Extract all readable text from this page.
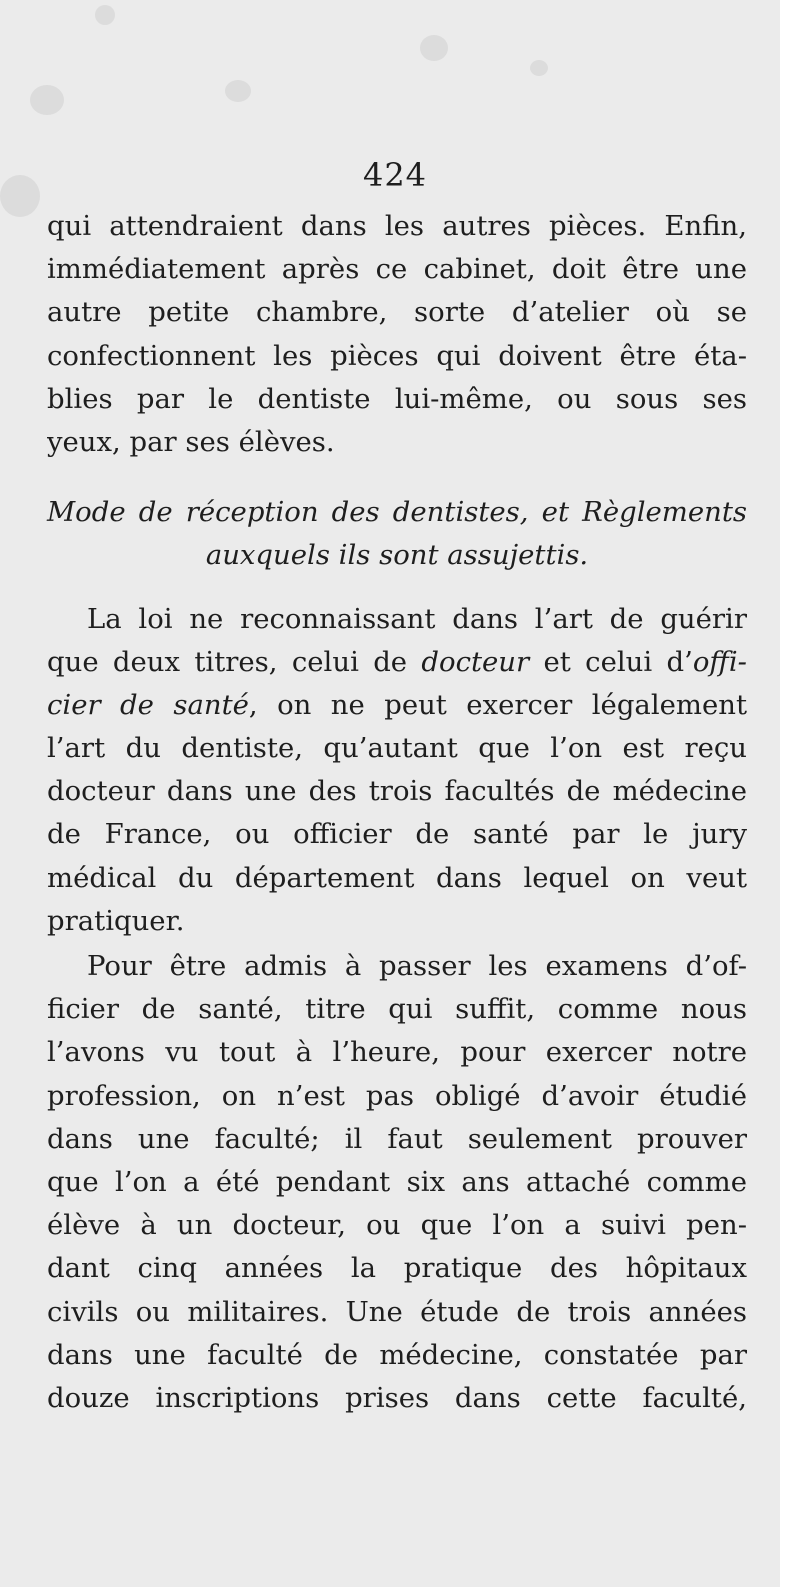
424
qui attendraient dans les autres pièces. Enfin,
immédiatement après ce cabinet, doit être une
autre petite chambre, sorte d’atelier où se
confectionnent les pièces qui doivent être éta-
blies par le dentiste lui-même, ou sous ses
yeux, par ses élèves.
Mode de réception des dentistes, et Règlements
auxquels ils sont assujettis.
La loi ne reconnaissant dans l’art de guérir
que deux titres, celui de docteur et celui d’offi-
cier de santé, on ne peut exercer légalement
l’art du dentiste, qu’autant que l’on est reçu
docteur dans une des trois facultés de médecine
de France, ou officier de santé par le jury
médical du département dans lequel on veut
pratiquer.
Pour être admis à passer les examens d’of-
ficier de santé, titre qui suffit, comme nous
l’avons vu tout à l’heure, pour exercer notre
profession, on n’est pas obligé d’avoir étudié
dans une faculté; il faut seulement prouver
que l’on a été pendant six ans attaché comme
élève à un docteur, ou que l’on a suivi pen-
dant cinq années la pratique des hôpitaux
civils ou militaires. Une étude de trois années
dans une faculté de médecine, constatée par
douze inscriptions prises dans cette faculté,
